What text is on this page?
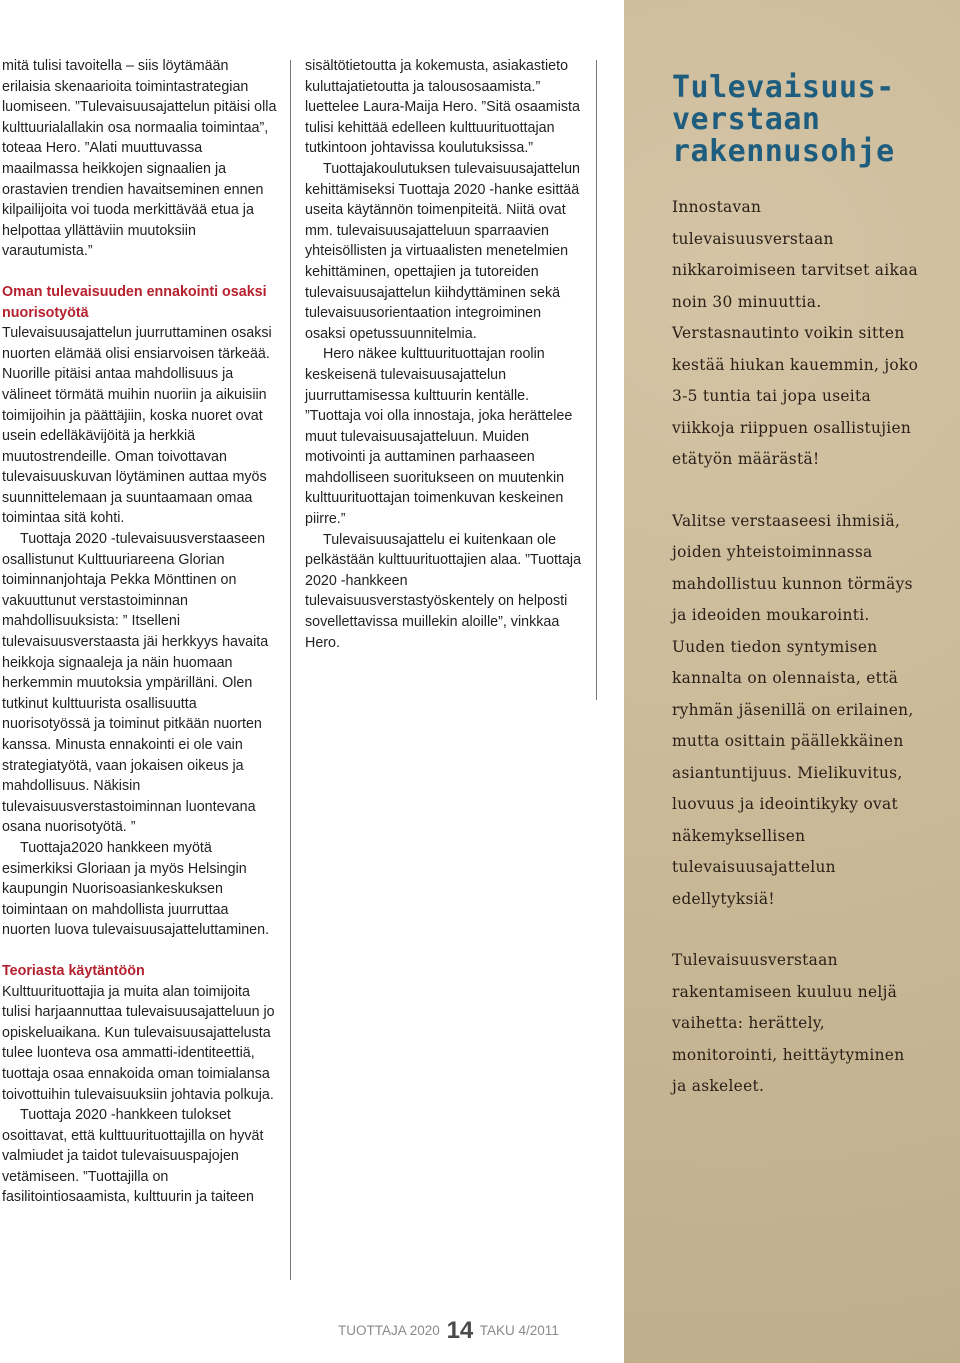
mitä tulisi tavoitella – siis löytämään erilaisia skenaarioita toimintastrategian luomiseen. ”Tulevaisuusajattelun pitäisi olla kulttuurialallakin osa normaalia toimintaa”, toteaa Hero. ”Alati muuttuvassa maailmassa heikkojen signaalien ja orastavien trendien havaitseminen ennen kilpailijoita voi tuoda merkittävää etua ja helpottaa yllättäviin muutoksiin varautumista.”

Oman tulevaisuuden ennakointi osaksi nuorisotyötä

Tulevaisuusajattelun juurruttaminen osaksi nuorten elämää olisi ensiarvoisen tärkeää. Nuorille pitäisi antaa mahdollisuus ja välineet törmätä muihin nuoriin ja aikuisiin toimijoihin ja päättäjiin, koska nuoret ovat usein edelläkävijöitä ja herkkiä muutostrendeille. Oman toivottavan tulevaisuuskuvan löytäminen auttaa myös suunnittelemaan ja suuntaamaan omaa toimintaa sitä kohti.

Tuottaja 2020 -tulevaisuusverstaaseen osallistunut Kulttuuriareena Glorian toiminnanjohtaja Pekka Mönttinen on vakuuttunut verstastoiminnan mahdollisuuksista: ” Itselleni tulevaisuusverstaasta jäi herkkyys havaita heikkoja signaaleja ja näin huomaan herkemmin muutoksia ympärilläni. Olen tutkinut kulttuurista osallisuutta nuorisotyössä ja toiminut pitkään nuorten kanssa. Minusta ennakointi ei ole vain strategiatyötä, vaan jokaisen oikeus ja mahdollisuus. Näkisin tulevaisuusverstastoiminnan luontevana osana nuorisotyötä. ”

Tuottaja2020 hankkeen myötä esimerkiksi Gloriaan ja myös Helsingin kaupungin Nuorisoasiankeskuksen toimintaan on mahdollista juurruttaa nuorten luova tulevaisuusajatteluttaminen.

Teoriasta käytäntöön

Kulttuurituottajia ja muita alan toimijoita tulisi harjaannuttaa tulevaisuusajatteluun jo opiskeluaikana. Kun tulevaisuusajattelusta tulee luonteva osa ammatti-identiteettiä, tuottaja osaa ennakoida oman toimialansa toivottuihin tulevaisuuksiin johtavia polkuja.

Tuottaja 2020 -hankkeen tulokset osoittavat, että kulttuurituottajilla on hyvät valmiudet ja taidot tulevaisuuspajojen vetämiseen. ”Tuottajilla on fasilitointiosaamista, kulttuurin ja taiteen

sisältötietoutta ja kokemusta, asiakastieto kuluttajatietoutta ja talousosaamista.” luettelee Laura-Maija Hero. ”Sitä osaamista tulisi kehittää edelleen kulttuurituottajan tutkintoon johtavissa koulutuksissa.”

Tuottajakoulutuksen tulevaisuusajattelun kehittämiseksi Tuottaja 2020 -hanke esittää useita käytännön toimenpiteitä. Niitä ovat mm. tulevaisuusajatteluun sparraavien yhteisöllisten ja virtuaalisten menetelmien kehittäminen, opettajien ja tutoreiden tulevaisuusajattelun kiihdyttäminen sekä tulevaisuusorientaation integroiminen osaksi opetussuunnitelmia.

Hero näkee kulttuurituottajan roolin keskeisenä tulevaisuusajattelun juurruttamisessa kulttuurin kentälle. ”Tuottaja voi olla innostaja, joka herättelee muut tulevaisuusajatteluun. Muiden motivointi ja auttaminen parhaaseen mahdolliseen suoritukseen on muutenkin kulttuurituottajan toimenkuvan keskeinen piirre.”

Tulevaisuusajattelu ei kuitenkaan ole pelkästään kulttuurituottajien alaa. ”Tuottaja 2020 -hankkeen tulevaisuusverstastyöskentely on helposti sovellettavissa muillekin aloille”, vinkkaa Hero.

Tulevaisuus-verstaan rakennusohje

Innostavan tulevaisuusverstaan nikkaroimiseen tarvitset aikaa noin 30 minuuttia. Verstasnautinto voikin sitten kestää hiukan kauemmin, joko 3-5 tuntia tai jopa useita viikkoja riippuen osallistujien etätyön määrästä!

Valitse verstaaseesi ihmisiä, joiden yhteistoiminnassa mahdollistuu kunnon törmäys ja ideoiden moukarointi. Uuden tiedon syntymisen kannalta on olennaista, että ryhmän jäsenillä on erilainen, mutta osittain päällekkäinen asiantuntijuus. Mielikuvitus, luovuus ja ideointikyky ovat näkemyksellisen tulevaisuusajattelun edellytyksiä!

Tulevaisuusverstaan rakentamiseen kuuluu neljä vaihetta: herättely, monitorointi, heittäytyminen ja askeleet.

TUOTTAJA 2020 14 TAKU 4/2011
